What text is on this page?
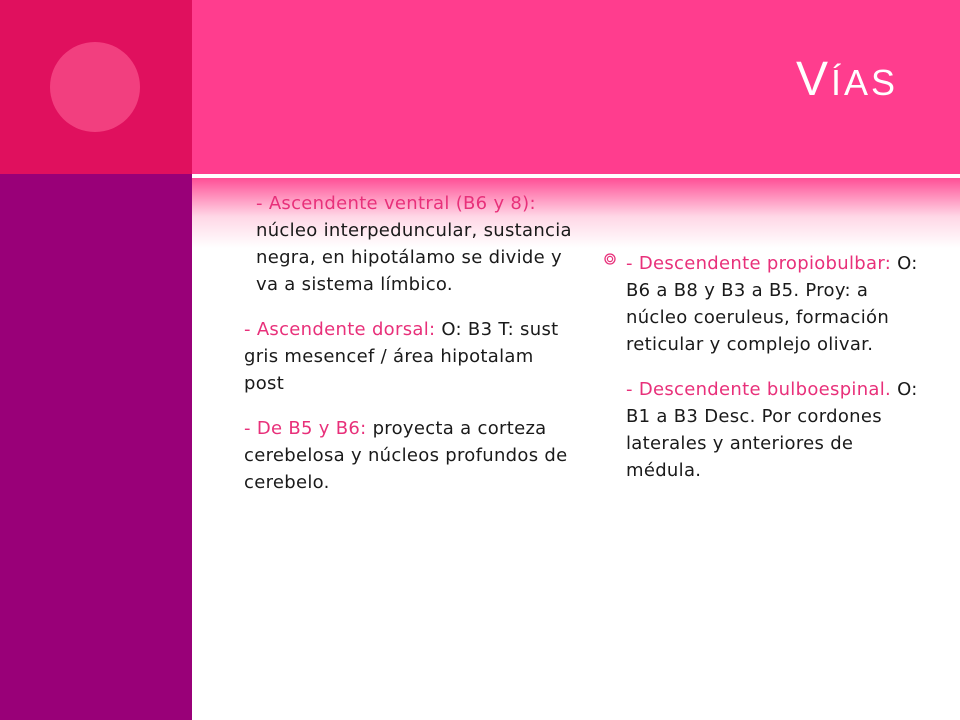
VÍAS
- Ascendente ventral (B6 y 8): núcleo interpeduncular, sustancia negra, en hipotálamo se divide y va a sistema límbico.
- Ascendente dorsal: O: B3 T: sust gris mesencef / área hipotalam post
- De B5 y B6: proyecta a corteza cerebelosa y núcleos profundos de cerebelo.
- Descendente propiobulbar: O: B6 a B8 y B3 a B5. Proy: a núcleo coeruleus, formación reticular y complejo olivar.
- Descendente bulboespinal. O: B1 a B3 Desc. Por cordones laterales y anteriores de médula.
